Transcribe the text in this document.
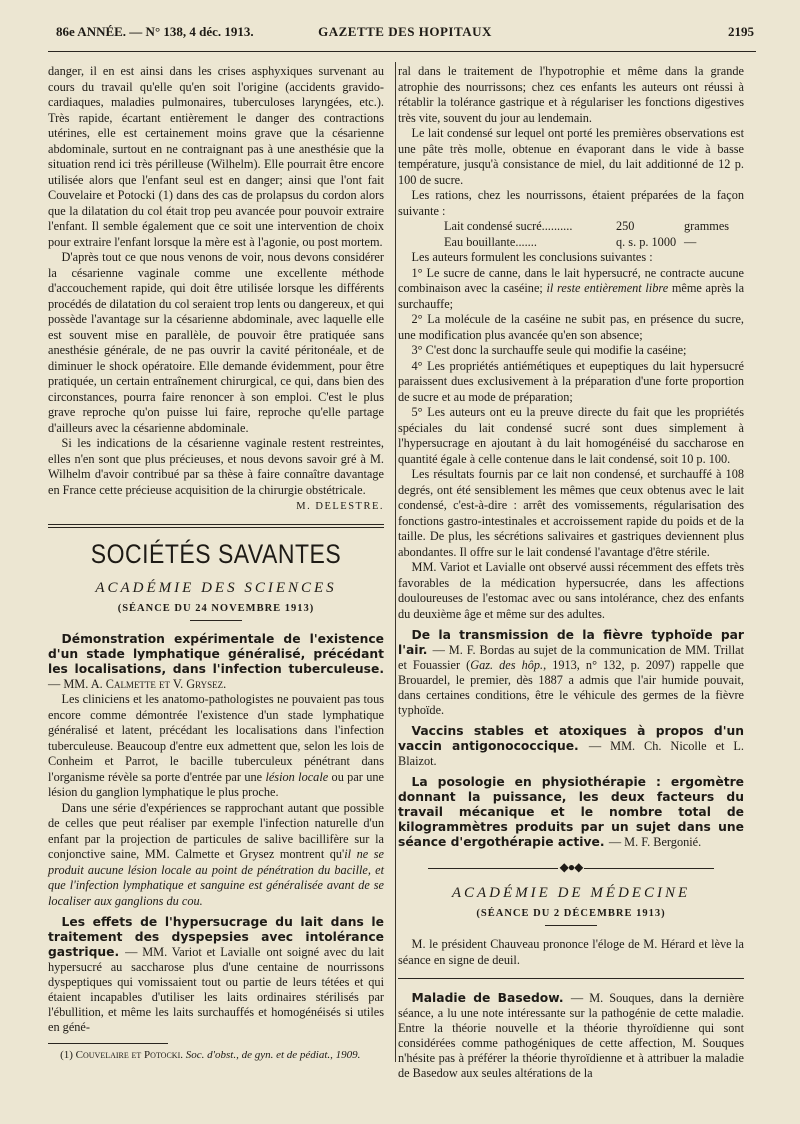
86e ANNÉE. — N° 138, 4 déc. 1913.	GAZETTE DES HOPITAUX	2195

danger, il en est ainsi dans les crises asphyxiques survenant au cours du travail qu'elle qu'en soit l'origine (accidents gravido-cardiaques, maladies pulmonaires, tuberculoses laryngées, etc.). Très rapide, écartant entièrement le danger des contractions utérines, elle est certainement moins grave que la césarienne abdominale, surtout en ne contraignant pas à une anesthésie que la situation rend ici très périlleuse (Wilhelm). Elle pourrait être encore utilisée alors que l'enfant seul est en danger; ainsi que l'ont fait Couvelaire et Potocki (1) dans des cas de prolapsus du cordon alors que la dilatation du col était trop peu avancée pour pouvoir extraire l'enfant. Il semble également que ce soit une intervention de choix pour extraire l'enfant lorsque la mère est à l'agonie, ou post mortem.

D'après tout ce que nous venons de voir, nous devons considérer la césarienne vaginale comme une excellente méthode d'accouchement rapide, qui doit être utilisée lorsque les différents procédés de dilatation du col seraient trop lents ou dangereux, et qui possède l'avantage sur la césarienne abdominale, avec laquelle elle est souvent mise en parallèle, de pouvoir être pratiquée sans anesthésie générale, de ne pas ouvrir la cavité péritonéale, et de diminuer le shock opératoire. Elle demande évidemment, pour être pratiquée, un certain entraînement chirurgical, ce qui, dans bien des circonstances, pourra faire renoncer à son emploi. C'est le plus grave reproche qu'on puisse lui faire, reproche qu'elle partage d'ailleurs avec la césarienne abdominale.

Si les indications de la césarienne vaginale restent restreintes, elles n'en sont que plus précieuses, et nous devons savoir gré à M. Wilhelm d'avoir contribué par sa thèse à faire connaître davantage en France cette précieuse acquisition de la chirurgie obstétricale.

M. DELESTRE.
SOCIÉTÉS SAVANTES
ACADÉMIE DES SCIENCES
(SÉANCE DU 24 NOVEMBRE 1913)
Démonstration expérimentale de l'existence d'un stade lymphatique généralisé, précédant les localisations, dans l'infection tuberculeuse. — MM. A. Calmette et V. Grysez.

Les cliniciens et les anatomo-pathologistes ne pouvaient pas tous encore comme démontrée l'existence d'un stade lymphatique généralisé et latent, précédant les localisations dans l'infection tuberculeuse. Beaucoup d'entre eux admettent que, selon les lois de Conheim et Parrot, le bacille tuberculeux pénétrant dans l'organisme révèle sa porte d'entrée par une lésion locale ou par une lésion du ganglion lymphatique le plus proche.

Dans une série d'expériences se rapprochant autant que possible de celles que peut réaliser par exemple l'infection naturelle d'un enfant par la projection de particules de salive bacillifère sur la conjonctive saine, MM. Calmette et Grysez montrent qu'il ne se produit aucune lésion locale au point de pénétration du bacille, et que l'infection lymphatique et sanguine est généralisée avant de se localiser aux ganglions du cou.

Les effets de l'hypersucrage du lait dans le traitement des dyspepsies avec intolérance gastrique. — MM. Variot et Lavialle ont soigné avec du lait hypersucré au saccharose plus d'une centaine de nourrissons dyspeptiques qui vomissaient tout ou partie de leurs tétées et qui étaient incapables d'utiliser les laits ordinaires stérilisés par l'ébullition, et même les laits surchauffés et homogénéisés si utiles en géné-

(1) Couvelaire et Potocki. Soc. d'obst., de gyn. et de pédiat., 1909.

ral dans le traitement de l'hypotrophie et même dans la grande atrophie des nourrissons; chez ces enfants les auteurs ont réussi à rétablir la tolérance gastrique et à régulariser les fonctions digestives très vite, souvent du jour au lendemain.

Le lait condensé sur lequel ont porté les premières observations est une pâte très molle, obtenue en évaporant dans le vide à basse température, jusqu'à consistance de miel, du lait additionné de 12 p. 100 de sucre.

Les rations, chez les nourrissons, étaient préparées de la façon suivante :

Lait condensé sucré..........	250	grammes
Eau bouillante.......	q. s. p. 1000 —

Les auteurs formulent les conclusions suivantes :

1° Le sucre de canne, dans le lait hypersucré, ne contracte aucune combinaison avec la caséine; il reste entièrement libre même après la surchauffe;

2° La molécule de la caséine ne subit pas, en présence du sucre, une modification plus avancée qu'en son absence;

3° C'est donc la surchauffe seule qui modifie la caséine;

4° Les propriétés antiémétiques et eupeptiques du lait hypersucré paraissent dues exclusivement à la préparation d'une forte proportion de sucre et au mode de préparation;

5° Les auteurs ont eu la preuve directe du fait que les propriétés spéciales du lait condensé sucré sont dues simplement à l'hypersucrage en ajoutant à du lait homogénéisé du saccharose en quantité égale à celle contenue dans le lait condensé, soit 10 p. 100.

Les résultats fournis par ce lait non condensé, et surchauffé à 108 degrés, ont été sensiblement les mêmes que ceux obtenus avec le lait condensé, c'est-à-dire : arrêt des vomissements, régularisation des fonctions gastro-intestinales et accroissement rapide du poids et de la taille. De plus, les sécrétions salivaires et gastriques deviennent plus abondantes. Il offre sur le lait condensé l'avantage d'être stérile.

MM. Variot et Lavialle ont observé aussi récemment des effets très favorables de la médication hypersucrée, dans les affections douloureuses de l'estomac avec ou sans intolérance, chez des enfants du deuxième âge et même sur des adultes.

De la transmission de la fièvre typhoïde par l'air. — M. F. Bordas au sujet de la communication de MM. Trillat et Fouassier (Gaz. des hôp., 1913, n° 132, p. 2097) rappelle que Brouardel, le premier, dès 1887 a admis que l'air humide pouvait, dans certaines conditions, être le véhicule des germes de la fièvre typhoïde.
Vaccins stables et atoxiques à propos d'un vaccin antigonococcique. — MM. Ch. Nicolle et L. Blaizot.
La posologie en physiothérapie : ergomètre donnant la puissance, les deux facteurs du travail mécanique et le nombre total de kilogrammètres produits par un sujet dans une séance d'ergothérapie active. — M. F. Bergonié.
◆●◆
ACADÉMIE DE MÉDECINE
(SÉANCE DU 2 DÉCEMBRE 1913)

M. le président Chauveau prononce l'éloge de M. Hérard et lève la séance en signe de deuil.

Maladie de Basedow. — M. Souques, dans la dernière séance, a lu une note intéressante sur la pathogénie de cette maladie. Entre la théorie nouvelle et la théorie thyroïdienne qui sont considérées comme pathogéniques de cette affection, M. Souques n'hésite pas à préférer la théorie thyroïdienne et à attribuer la maladie de Basedow aux seules altérations de la
